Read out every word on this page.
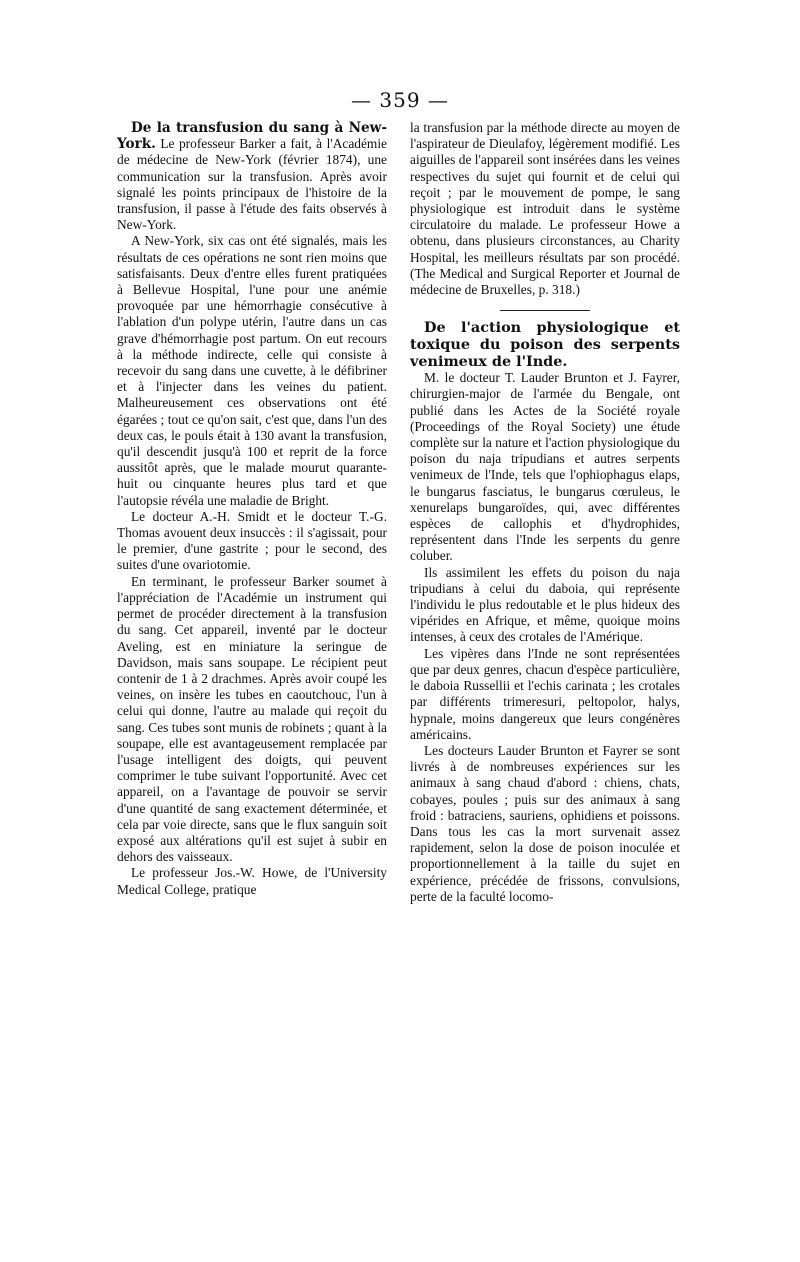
— 359 —

De la transfusion du sang à New-York. Le professeur Barker a fait, à l'Académie de médecine de New-York (février 1874), une communication sur la transfusion. Après avoir signalé les points principaux de l'histoire de la transfusion, il passe à l'étude des faits observés à New-York.

A New-York, six cas ont été signalés, mais les résultats de ces opérations ne sont rien moins que satisfaisants. Deux d'entre elles furent pratiquées à Bellevue Hospital, l'une pour une anémie provoquée par une hémorrhagie consécutive à l'ablation d'un polype utérin, l'autre dans un cas grave d'hémorrhagie post partum. On eut recours à la méthode indirecte, celle qui consiste à recevoir du sang dans une cuvette, à le défibriner et à l'injecter dans les veines du patient. Malheureusement ces observations ont été égarées ; tout ce qu'on sait, c'est que, dans l'un des deux cas, le pouls était à 130 avant la transfusion, qu'il descendit jusqu'à 100 et reprit de la force aussitôt après, que le malade mourut quarante-huit ou cinquante heures plus tard et que l'autopsie révéla une maladie de Bright.

Le docteur A.-H. Smidt et le docteur T.-G. Thomas avouent deux insuccès : il s'agissait, pour le premier, d'une gastrite ; pour le second, des suites d'une ovariotomie.

En terminant, le professeur Barker soumet à l'appréciation de l'Académie un instrument qui permet de procéder directement à la transfusion du sang. Cet appareil, inventé par le docteur Aveling, est en miniature la seringue de Davidson, mais sans soupape. Le récipient peut contenir de 1 à 2 drachmes. Après avoir coupé les veines, on insère les tubes en caoutchouc, l'un à celui qui donne, l'autre au malade qui reçoit du sang. Ces tubes sont munis de robinets ; quant à la soupape, elle est avantageusement remplacée par l'usage intelligent des doigts, qui peuvent comprimer le tube suivant l'opportunité. Avec cet appareil, on a l'avantage de pouvoir se servir d'une quantité de sang exactement déterminée, et cela par voie directe, sans que le flux sanguin soit exposé aux altérations qu'il est sujet à subir en dehors des vaisseaux.

Le professeur Jos.-W. Howe, de l'University Medical College, pratique

la transfusion par la méthode directe au moyen de l'aspirateur de Dieulafoy, légèrement modifié. Les aiguilles de l'appareil sont insérées dans les veines respectives du sujet qui fournit et de celui qui reçoit ; par le mouvement de pompe, le sang physiologique est introduit dans le système circulatoire du malade. Le professeur Howe a obtenu, dans plusieurs circonstances, au Charity Hospital, les meilleurs résultats par son procédé. (The Medical and Surgical Reporter et Journal de médecine de Bruxelles, p. 318.)

De l'action physiologique et toxique du poison des serpents venimeux de l'Inde.

M. le docteur T. Lauder Brunton et J. Fayrer, chirurgien-major de l'armée du Bengale, ont publié dans les Actes de la Société royale (Proceedings of the Royal Society) une étude complète sur la nature et l'action physiologique du poison du naja tripudians et autres serpents venimeux de l'Inde, tels que l'ophiophagus elaps, le bungarus fasciatus, le bungarus cœruleus, le xenurelaps bungaroïdes, qui, avec différentes espèces de callophis et d'hydrophides, représentent dans l'Inde les serpents du genre coluber.

Ils assimilent les effets du poison du naja tripudians à celui du daboia, qui représente l'individu le plus redoutable et le plus hideux des vipérides en Afrique, et même, quoique moins intenses, à ceux des crotales de l'Amérique.

Les vipères dans l'Inde ne sont représentées que par deux genres, chacun d'espèce particulière, le daboia Russellii et l'echis carinata ; les crotales par différents trimeresuri, peltopolor, halys, hypnale, moins dangereux que leurs congénères américains.

Les docteurs Lauder Brunton et Fayrer se sont livrés à de nombreuses expériences sur les animaux à sang chaud d'abord : chiens, chats, cobayes, poules ; puis sur des animaux à sang froid : batraciens, sauriens, ophidiens et poissons. Dans tous les cas la mort survenait assez rapidement, selon la dose de poison inoculée et proportionnellement à la taille du sujet en expérience, précédée de frissons, convulsions, perte de la faculté locomo-
